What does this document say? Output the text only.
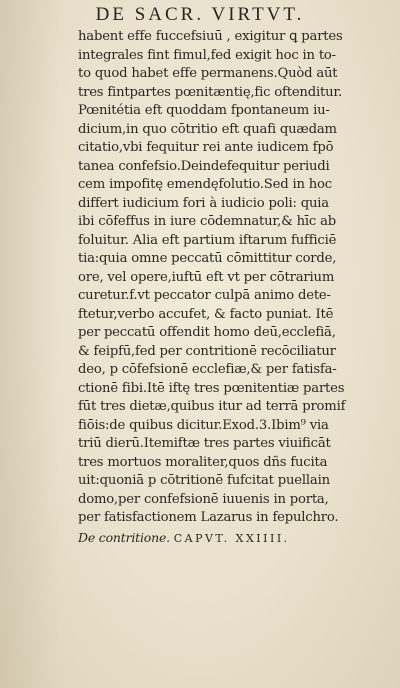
DE SACR. VIRTVT.
habent effe fuccefsiuū , exigitur ꝗ partes
integrales fint fimul,fed exigit hoc in to-
to quod habet effe permanens.Quòd aūt
tres fintpartes pœnitæntię,fic oftenditur.
Pœnitétia eft quoddam fpontaneum iu-
dicium,in quo cōtritio eft quafi quædam
citatio,vbi fequitur rei ante iudicem fpō
tanea confefsio.Deindefequitur periudi
cem impofitę emendęfolutio.Sed in hoc
differt iudicium fori à iudicio poli: quia
ibi cōfeffus in iure cōdemnatur,& hīc ab
foluitur. Alia eft partium iftarum fufficiē
tia:quia omne peccatū cōmittitur corde,
ore, vel opere,iuftū eft vt per cōtrarium
curetur.f.vt peccator culpā animo dete-
ftetur,verbo accufet, & facto puniat. Itē
per peccatū offendit homo deū,ecclefiā,
& feipfū,fed per contritionē recōciliatur
deo, p cōfefsionē ecclefiæ,& per fatisfa-
ctionē fibi.Itē iftę tres pœnitentiæ partes
fūt tres dietæ,quibus itur ad terrā promif
fiōis:de quibus dicitur.Exod.3.Ibim⁹ via
triū dierū.Itemiftæ tres partes viuificāt
tres mortuos moraliter,quos dñs fucita
uit:quoniā p cōtritionē fufcitat puellain
domo,per confefsionē iuuenis in porta,
per fatisfactionem Lazarus in fepulchro.
De contritione. CAPVT. XXIIII.
